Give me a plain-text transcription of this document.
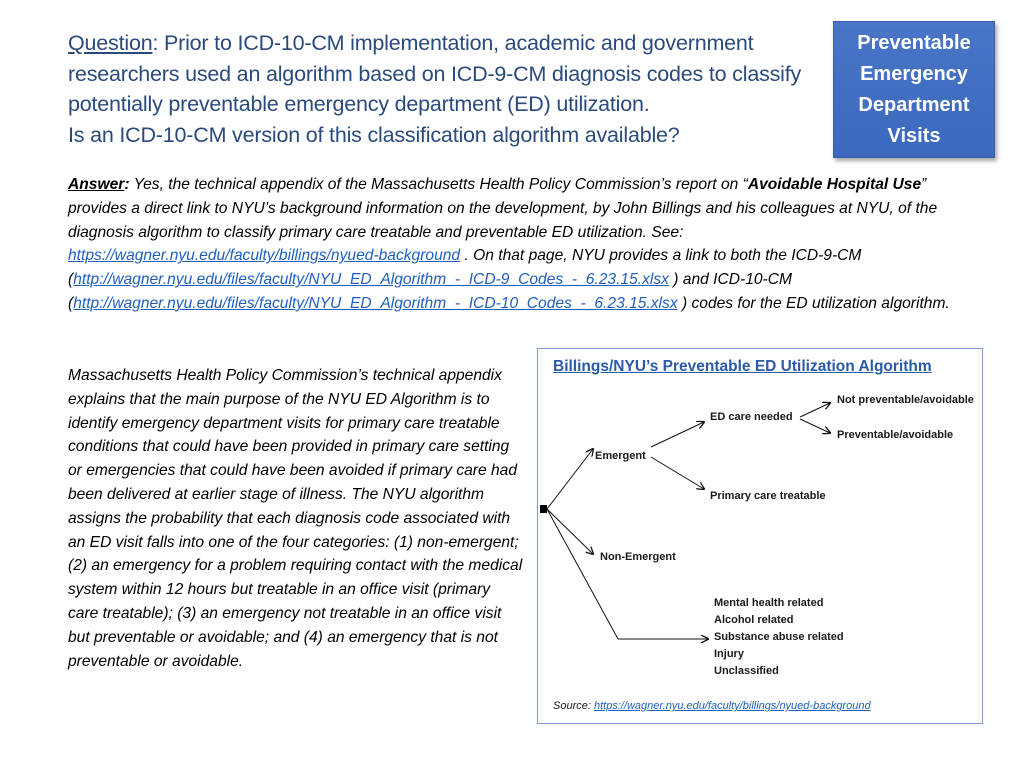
Question: Prior to ICD-10-CM implementation, academic and government researchers used an algorithm based on ICD-9-CM diagnosis codes to classify potentially preventable emergency department (ED) utilization.
Is an ICD-10-CM version of this classification algorithm available?
Preventable
Emergency
Department
Visits
Answer: Yes, the technical appendix of the Massachusetts Health Policy Commission’s report on “Avoidable Hospital Use” provides a direct link to NYU’s background information on the development, by John Billings and his colleagues at NYU, of the diagnosis algorithm to classify primary care treatable and preventable ED utilization. See: https://wagner.nyu.edu/faculty/billings/nyued-background . On that page, NYU provides a link to both the ICD-9-CM (http://wagner.nyu.edu/files/faculty/NYU_ED_Algorithm_-_ICD-9_Codes_-_6.23.15.xlsx ) and ICD-10-CM (http://wagner.nyu.edu/files/faculty/NYU_ED_Algorithm_-_ICD-10_Codes_-_6.23.15.xlsx ) codes for the ED utilization algorithm.
Massachusetts Health Policy Commission’s technical appendix explains that the main purpose of the NYU ED Algorithm is to identify emergency department visits for primary care treatable conditions that could have been provided in primary care setting or emergencies that could have been avoided if primary care had been delivered at earlier stage of illness. The NYU algorithm assigns the probability that each diagnosis code associated with an ED visit falls into one of the four categories: (1) non-emergent; (2) an emergency for a problem requiring contact with the medical system within 12 hours but treatable in an office visit (primary care treatable); (3) an emergency not treatable in an office visit but preventable or avoidable; and (4) an emergency that is not preventable or avoidable.
Billings/NYU’s Preventable ED Utilization Algorithm
Emergent
ED care needed
Not preventable/avoidable
Preventable/avoidable
Primary care treatable
Non-Emergent
Mental health related
Alcohol related
Substance abuse related
Injury
Unclassified
Source: https://wagner.nyu.edu/faculty/billings/nyued-background
